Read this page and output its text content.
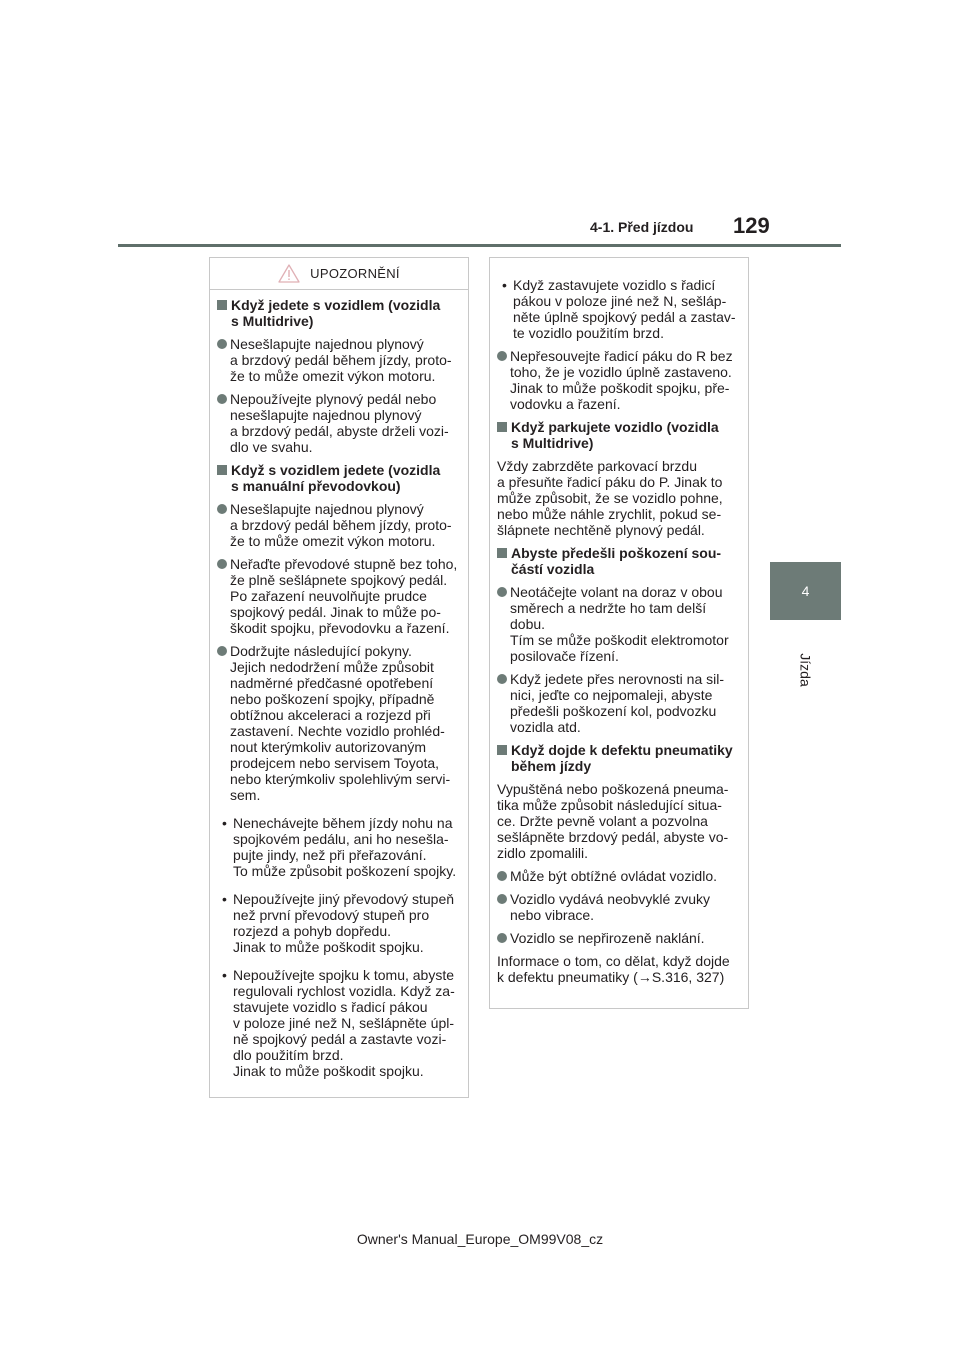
4-1. Před jízdou 129
4
Jízda
UPOZORNĚNÍ
Když jedete s vozidlem (vozidla
s Multidrive)
Nesešlapujte najednou plynový
a brzdový pedál během jízdy, proto-
že to může omezit výkon motoru.
Nepoužívejte plynový pedál nebo
nesešlapujte najednou plynový
a brzdový pedál, abyste drželi vozi-
dlo ve svahu.
Když s vozidlem jedete (vozidla
s manuální převodovkou)
Nesešlapujte najednou plynový
a brzdový pedál během jízdy, proto-
že to může omezit výkon motoru.
Neřaďte převodové stupně bez toho,
že plně sešlápnete spojkový pedál.
Po zařazení neuvolňujte prudce
spojkový pedál. Jinak to může po-
škodit spojku, převodovku a řazení.
Dodržujte následující pokyny.
Jejich nedodržení může způsobit
nadměrné předčasné opotřebení
nebo poškození spojky, případně
obtížnou akceleraci a rozjezd při
zastavení. Nechte vozidlo prohléd-
nout kterýmkoliv autorizovaným
prodejcem nebo servisem Toyota,
nebo kterýmkoliv spolehlivým servi-
sem.
• Nenechávejte během jízdy nohu na
spojkovém pedálu, ani ho nesešla-
pujte jindy, než při přeřazování.
To může způsobit poškození spojky.
• Nepoužívejte jiný převodový stupeň
než první převodový stupeň pro
rozjezd a pohyb dopředu.
Jinak to může poškodit spojku.
• Nepoužívejte spojku k tomu, abyste
regulovali rychlost vozidla. Když za-
stavujete vozidlo s řadicí pákou
v poloze jiné než N, sešlápněte úpl-
ně spojkový pedál a zastavte vozi-
dlo použitím brzd.
Jinak to může poškodit spojku.
• Když zastavujete vozidlo s řadicí
pákou v poloze jiné než N, sešláp-
něte úplně spojkový pedál a zastav-
te vozidlo použitím brzd.
Nepřesouvejte řadicí páku do R bez
toho, že je vozidlo úplně zastaveno.
Jinak to může poškodit spojku, pře-
vodovku a řazení.
Když parkujete vozidlo (vozidla
s Multidrive)
Vždy zabrzděte parkovací brzdu
a přesuňte řadicí páku do P. Jinak to
může způsobit, že se vozidlo pohne,
nebo může náhle zrychlit, pokud se-
šlápnete nechtěně plynový pedál.
Abyste předešli poškození sou-
částí vozidla
Neotáčejte volant na doraz v obou
směrech a nedržte ho tam delší
dobu.
Tím se může poškodit elektromotor
posilovače řízení.
Když jedete přes nerovnosti na sil-
nici, jeďte co nejpomaleji, abyste
předešli poškození kol, podvozku
vozidla atd.
Když dojde k defektu pneumatiky
během jízdy
Vypuštěná nebo poškozená pneuma-
tika může způsobit následující situa-
ce. Držte pevně volant a pozvolna
sešlápněte brzdový pedál, abyste vo-
zidlo zpomalili.
Může být obtížné ovládat vozidlo.
Vozidlo vydává neobvyklé zvuky
nebo vibrace.
Vozidlo se nepřirozeně naklání.
Informace o tom, co dělat, když dojde
k defektu pneumatiky (→S.316, 327)
Owner's Manual_Europe_OM99V08_cz
